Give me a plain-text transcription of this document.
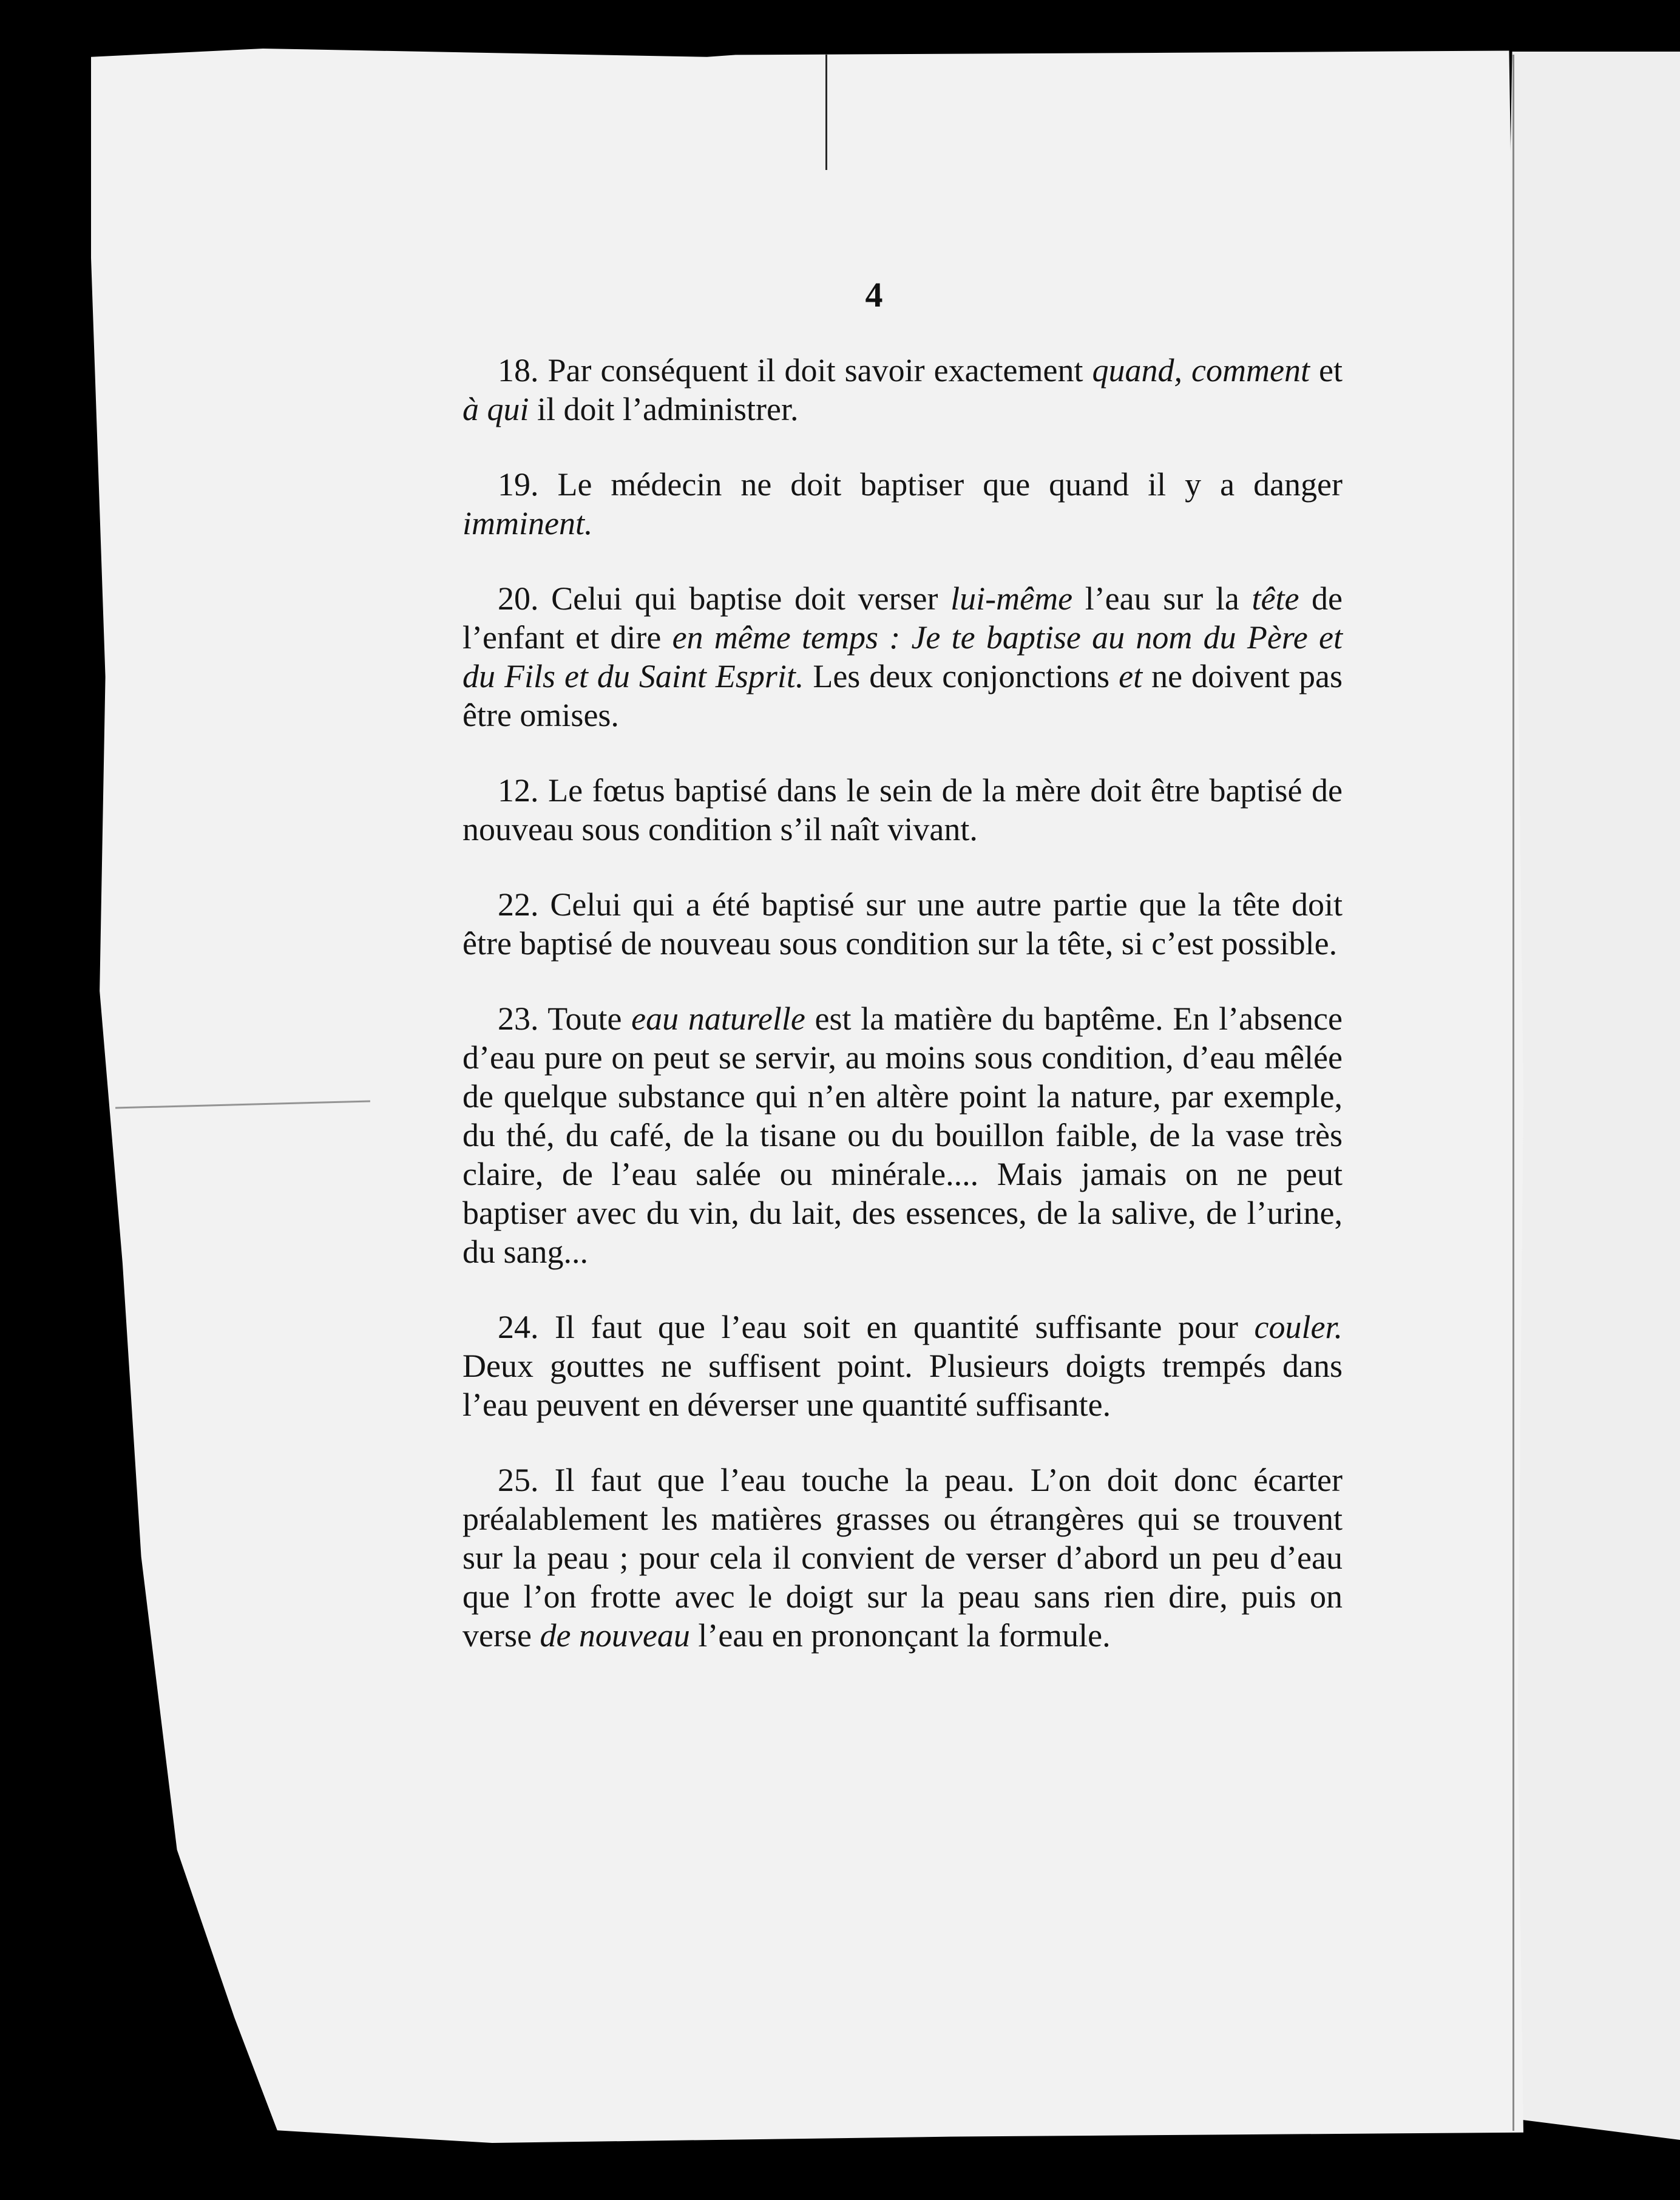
4

18. Par conséquent il doit savoir exactement quand, comment et à qui il doit l’administrer.

19. Le médecin ne doit baptiser que quand il y a danger imminent.

20. Celui qui baptise doit verser lui-même l’eau sur la tête de l’enfant et dire en même temps : Je te baptise au nom du Père et du Fils et du Saint Esprit. Les deux conjonctions et ne doivent pas être omises.

12. Le fœtus baptisé dans le sein de la mère doit être baptisé de nouveau sous condition s’il naît vivant.

22. Celui qui a été baptisé sur une autre partie que la tête doit être baptisé de nouveau sous condition sur la tête, si c’est possible.

23. Toute eau naturelle est la matière du baptême. En l’absence d’eau pure on peut se servir, au moins sous condition, d’eau mêlée de quelque substance qui n’en altère point la nature, par exemple, du thé, du café, de la tisane ou du bouillon faible, de la vase très claire, de l’eau salée ou minérale.... Mais jamais on ne peut baptiser avec du vin, du lait, des essences, de la salive, de l’urine, du sang...

24. Il faut que l’eau soit en quantité suffisante pour couler. Deux gouttes ne suffisent point. Plusieurs doigts trempés dans l’eau peuvent en déverser une quantité suffisante.

25. Il faut que l’eau touche la peau. L’on doit donc écarter préalablement les matières grasses ou étrangères qui se trouvent sur la peau ; pour cela il convient de verser d’abord un peu d’eau que l’on frotte avec le doigt sur la peau sans rien dire, puis on verse de nouveau l’eau en prononçant la formule.
